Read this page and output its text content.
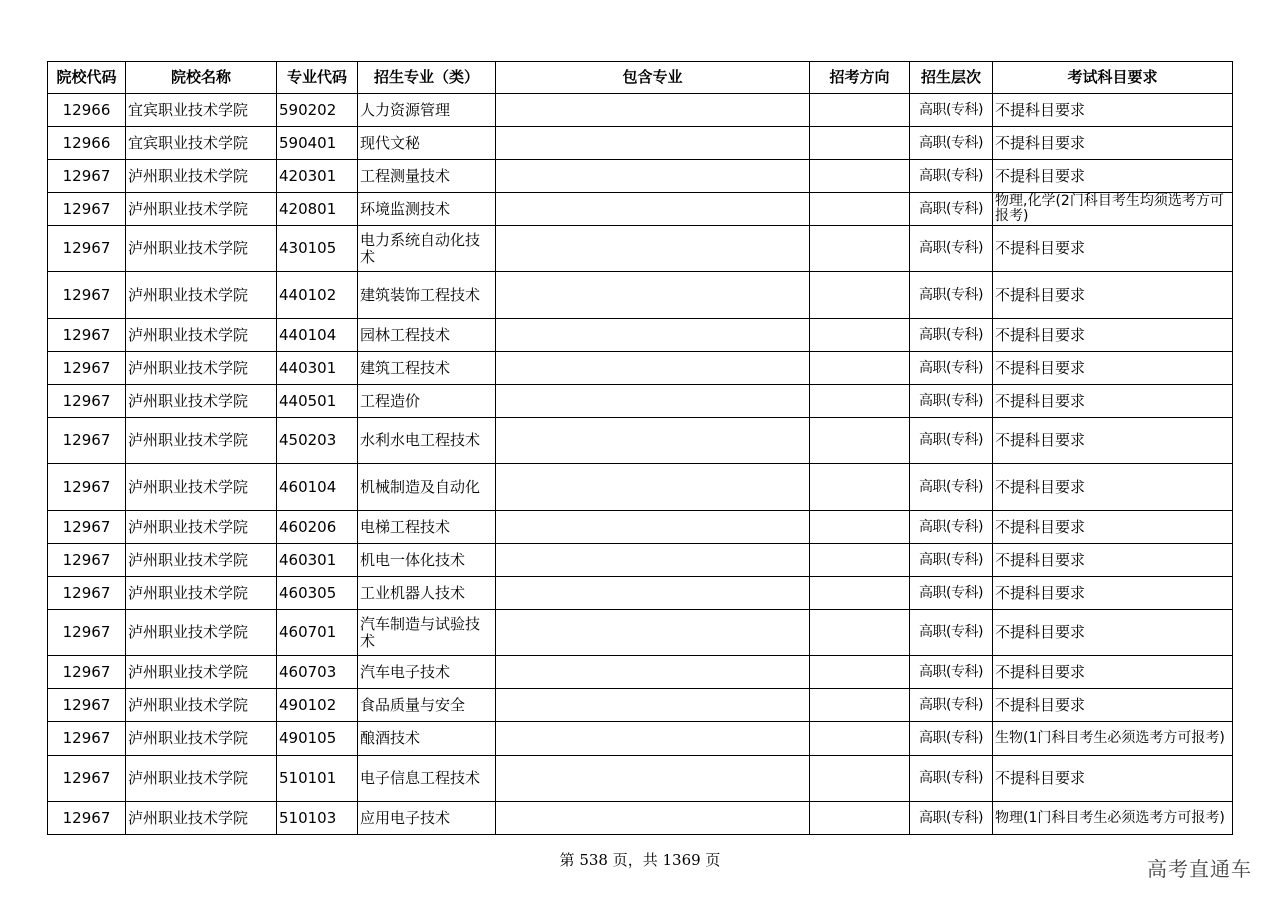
院校代码	院校名称	专业代码	招生专业（类）	包含专业	招考方向	招生层次	考试科目要求
12966	宜宾职业技术学院	590202	人力资源管理			高职(专科)	不提科目要求
12966	宜宾职业技术学院	590401	现代文秘			高职(专科)	不提科目要求
12967	泸州职业技术学院	420301	工程测量技术			高职(专科)	不提科目要求
12967	泸州职业技术学院	420801	环境监测技术			高职(专科)	物理,化学(2门科目考生均须选考方可报考)
12967	泸州职业技术学院	430105	电力系统自动化技术			高职(专科)	不提科目要求
12967	泸州职业技术学院	440102	建筑装饰工程技术			高职(专科)	不提科目要求
12967	泸州职业技术学院	440104	园林工程技术			高职(专科)	不提科目要求
12967	泸州职业技术学院	440301	建筑工程技术			高职(专科)	不提科目要求
12967	泸州职业技术学院	440501	工程造价			高职(专科)	不提科目要求
12967	泸州职业技术学院	450203	水利水电工程技术			高职(专科)	不提科目要求
12967	泸州职业技术学院	460104	机械制造及自动化			高职(专科)	不提科目要求
12967	泸州职业技术学院	460206	电梯工程技术			高职(专科)	不提科目要求
12967	泸州职业技术学院	460301	机电一体化技术			高职(专科)	不提科目要求
12967	泸州职业技术学院	460305	工业机器人技术			高职(专科)	不提科目要求
12967	泸州职业技术学院	460701	汽车制造与试验技术			高职(专科)	不提科目要求
12967	泸州职业技术学院	460703	汽车电子技术			高职(专科)	不提科目要求
12967	泸州职业技术学院	490102	食品质量与安全			高职(专科)	不提科目要求
12967	泸州职业技术学院	490105	酿酒技术			高职(专科)	生物(1门科目考生必须选考方可报考)
12967	泸州职业技术学院	510101	电子信息工程技术			高职(专科)	不提科目要求
12967	泸州职业技术学院	510103	应用电子技术			高职(专科)	物理(1门科目考生必须选考方可报考)
第 538 页，共 1369 页	高考直通车
